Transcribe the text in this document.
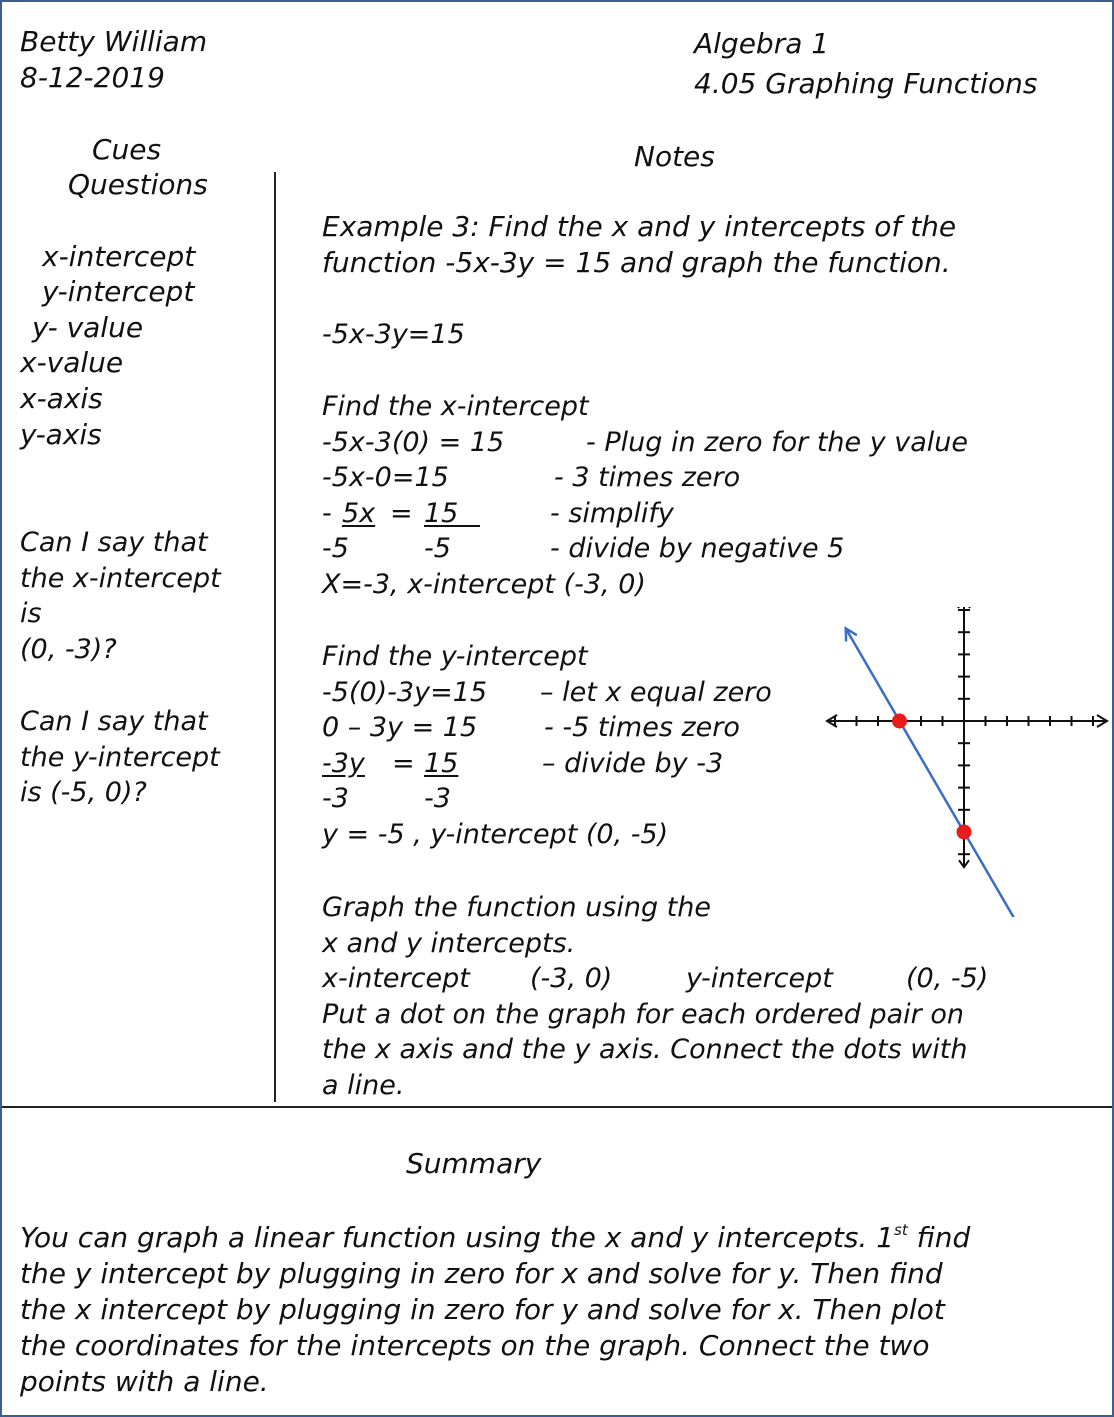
Betty William
8-12-2019
Algebra 1
4.05 Graphing Functions
Cues
Questions
Notes
x-intercept
y-intercept
y- value
x-value
x-axis
y-axis
Can I say that
the x-intercept
is
(0, -3)?
Can I say that
the y-intercept
is (-5, 0)?
Example 3: Find the x and y intercepts of the
function -5x-3y = 15 and graph the function.
-5x-3y=15
Find the x-intercept
-5x-3(0) = 15	- Plug in zero for the y value
-5x-0=15	- 3 times zero
- 5x = 15	- simplify
-5	-5	- divide by negative 5
X=-3, x-intercept (-3, 0)
Find the y-intercept
-5(0)-3y=15 – let x equal zero
0 – 3y = 15 - -5 times zero
-3y = 15	– divide by -3
-3	-3
y = -5 , y-intercept (0, -5)
Graph the function using the
x and y intercepts.
x-intercept (-3, 0)	y-intercept	(0, -5)
Put a dot on the graph for each ordered pair on
the x axis and the y axis. Connect the dots with
a line.
Summary
You can graph a linear function using the x and y intercepts. 1st find
the y intercept by plugging in zero for x and solve for y. Then find
the x intercept by plugging in zero for y and solve for x. Then plot
the coordinates for the intercepts on the graph. Connect the two
points with a line.
